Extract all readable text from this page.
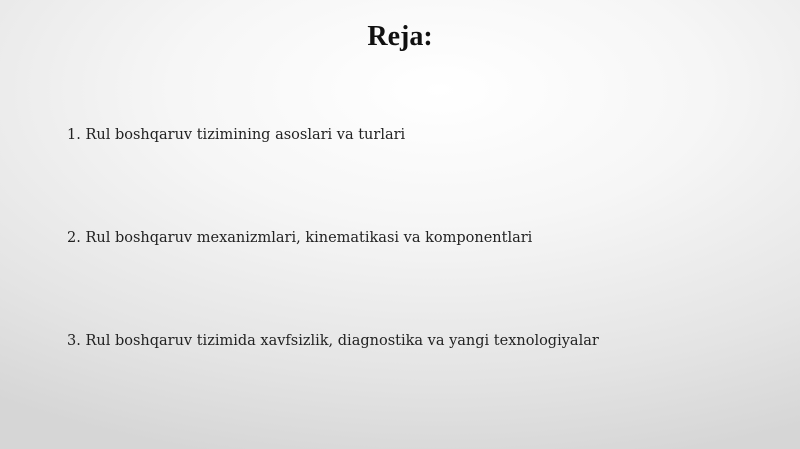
Reja:
1. Rul boshqaruv tizimining asoslari va turlari
2. Rul boshqaruv mexanizmlari, kinematikasi va komponentlari
3. Rul boshqaruv tizimida xavfsizlik, diagnostika va yangi texnologiyalar
